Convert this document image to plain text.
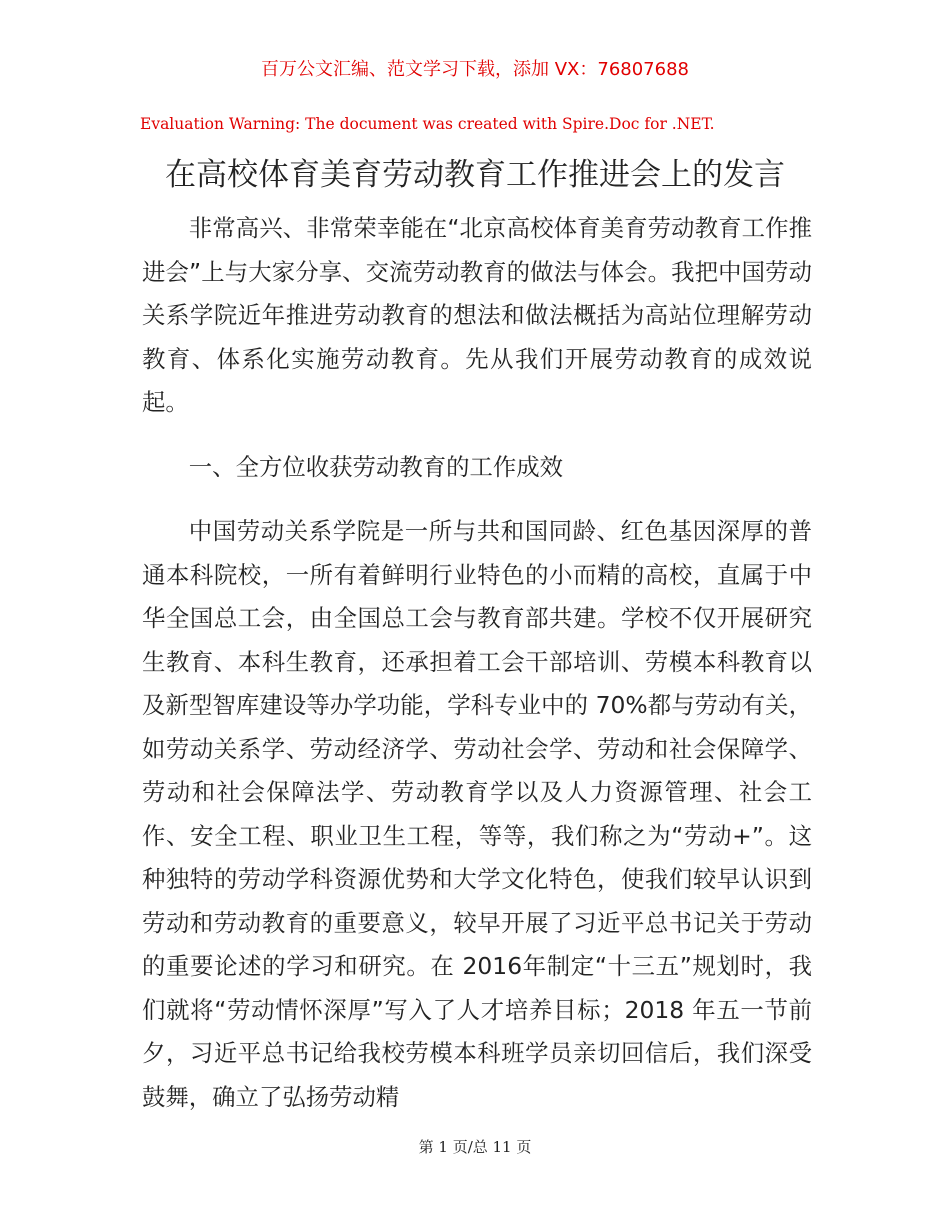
百万公文汇编、范文学习下载，添加 VX：76807688
Evaluation Warning: The document was created with Spire.Doc for .NET.
在高校体育美育劳动教育工作推进会上的发言

非常高兴、非常荣幸能在“北京高校体育美育劳动教育工作推进会”上与大家分享、交流劳动教育的做法与体会。我把中国劳动关系学院近年推进劳动教育的想法和做法概括为高站位理解劳动教育、体系化实施劳动教育。先从我们开展劳动教育的成效说起。

一、全方位收获劳动教育的工作成效

中国劳动关系学院是一所与共和国同龄、红色基因深厚的普通本科院校，一所有着鲜明行业特色的小而精的高校，直属于中华全国总工会，由全国总工会与教育部共建。学校不仅开展研究生教育、本科生教育，还承担着工会干部培训、劳模本科教育以及新型智库建设等办学功能，学科专业中的 70%都与劳动有关，如劳动关系学、劳动经济学、劳动社会学、劳动和社会保障学、劳动和社会保障法学、劳动教育学以及人力资源管理、社会工作、安全工程、职业卫生工程，等等，我们称之为“劳动+”。这种独特的劳动学科资源优势和大学文化特色，使我们较早认识到劳动和劳动教育的重要意义，较早开展了习近平总书记关于劳动的重要论述的学习和研究。在 2016年制定“十三五”规划时，我们就将“劳动情怀深厚”写入了人才培养目标；2018 年五一节前夕，习近平总书记给我校劳模本科班学员亲切回信后，我们深受鼓舞，确立了弘扬劳动精

第 1 页/总 11 页
